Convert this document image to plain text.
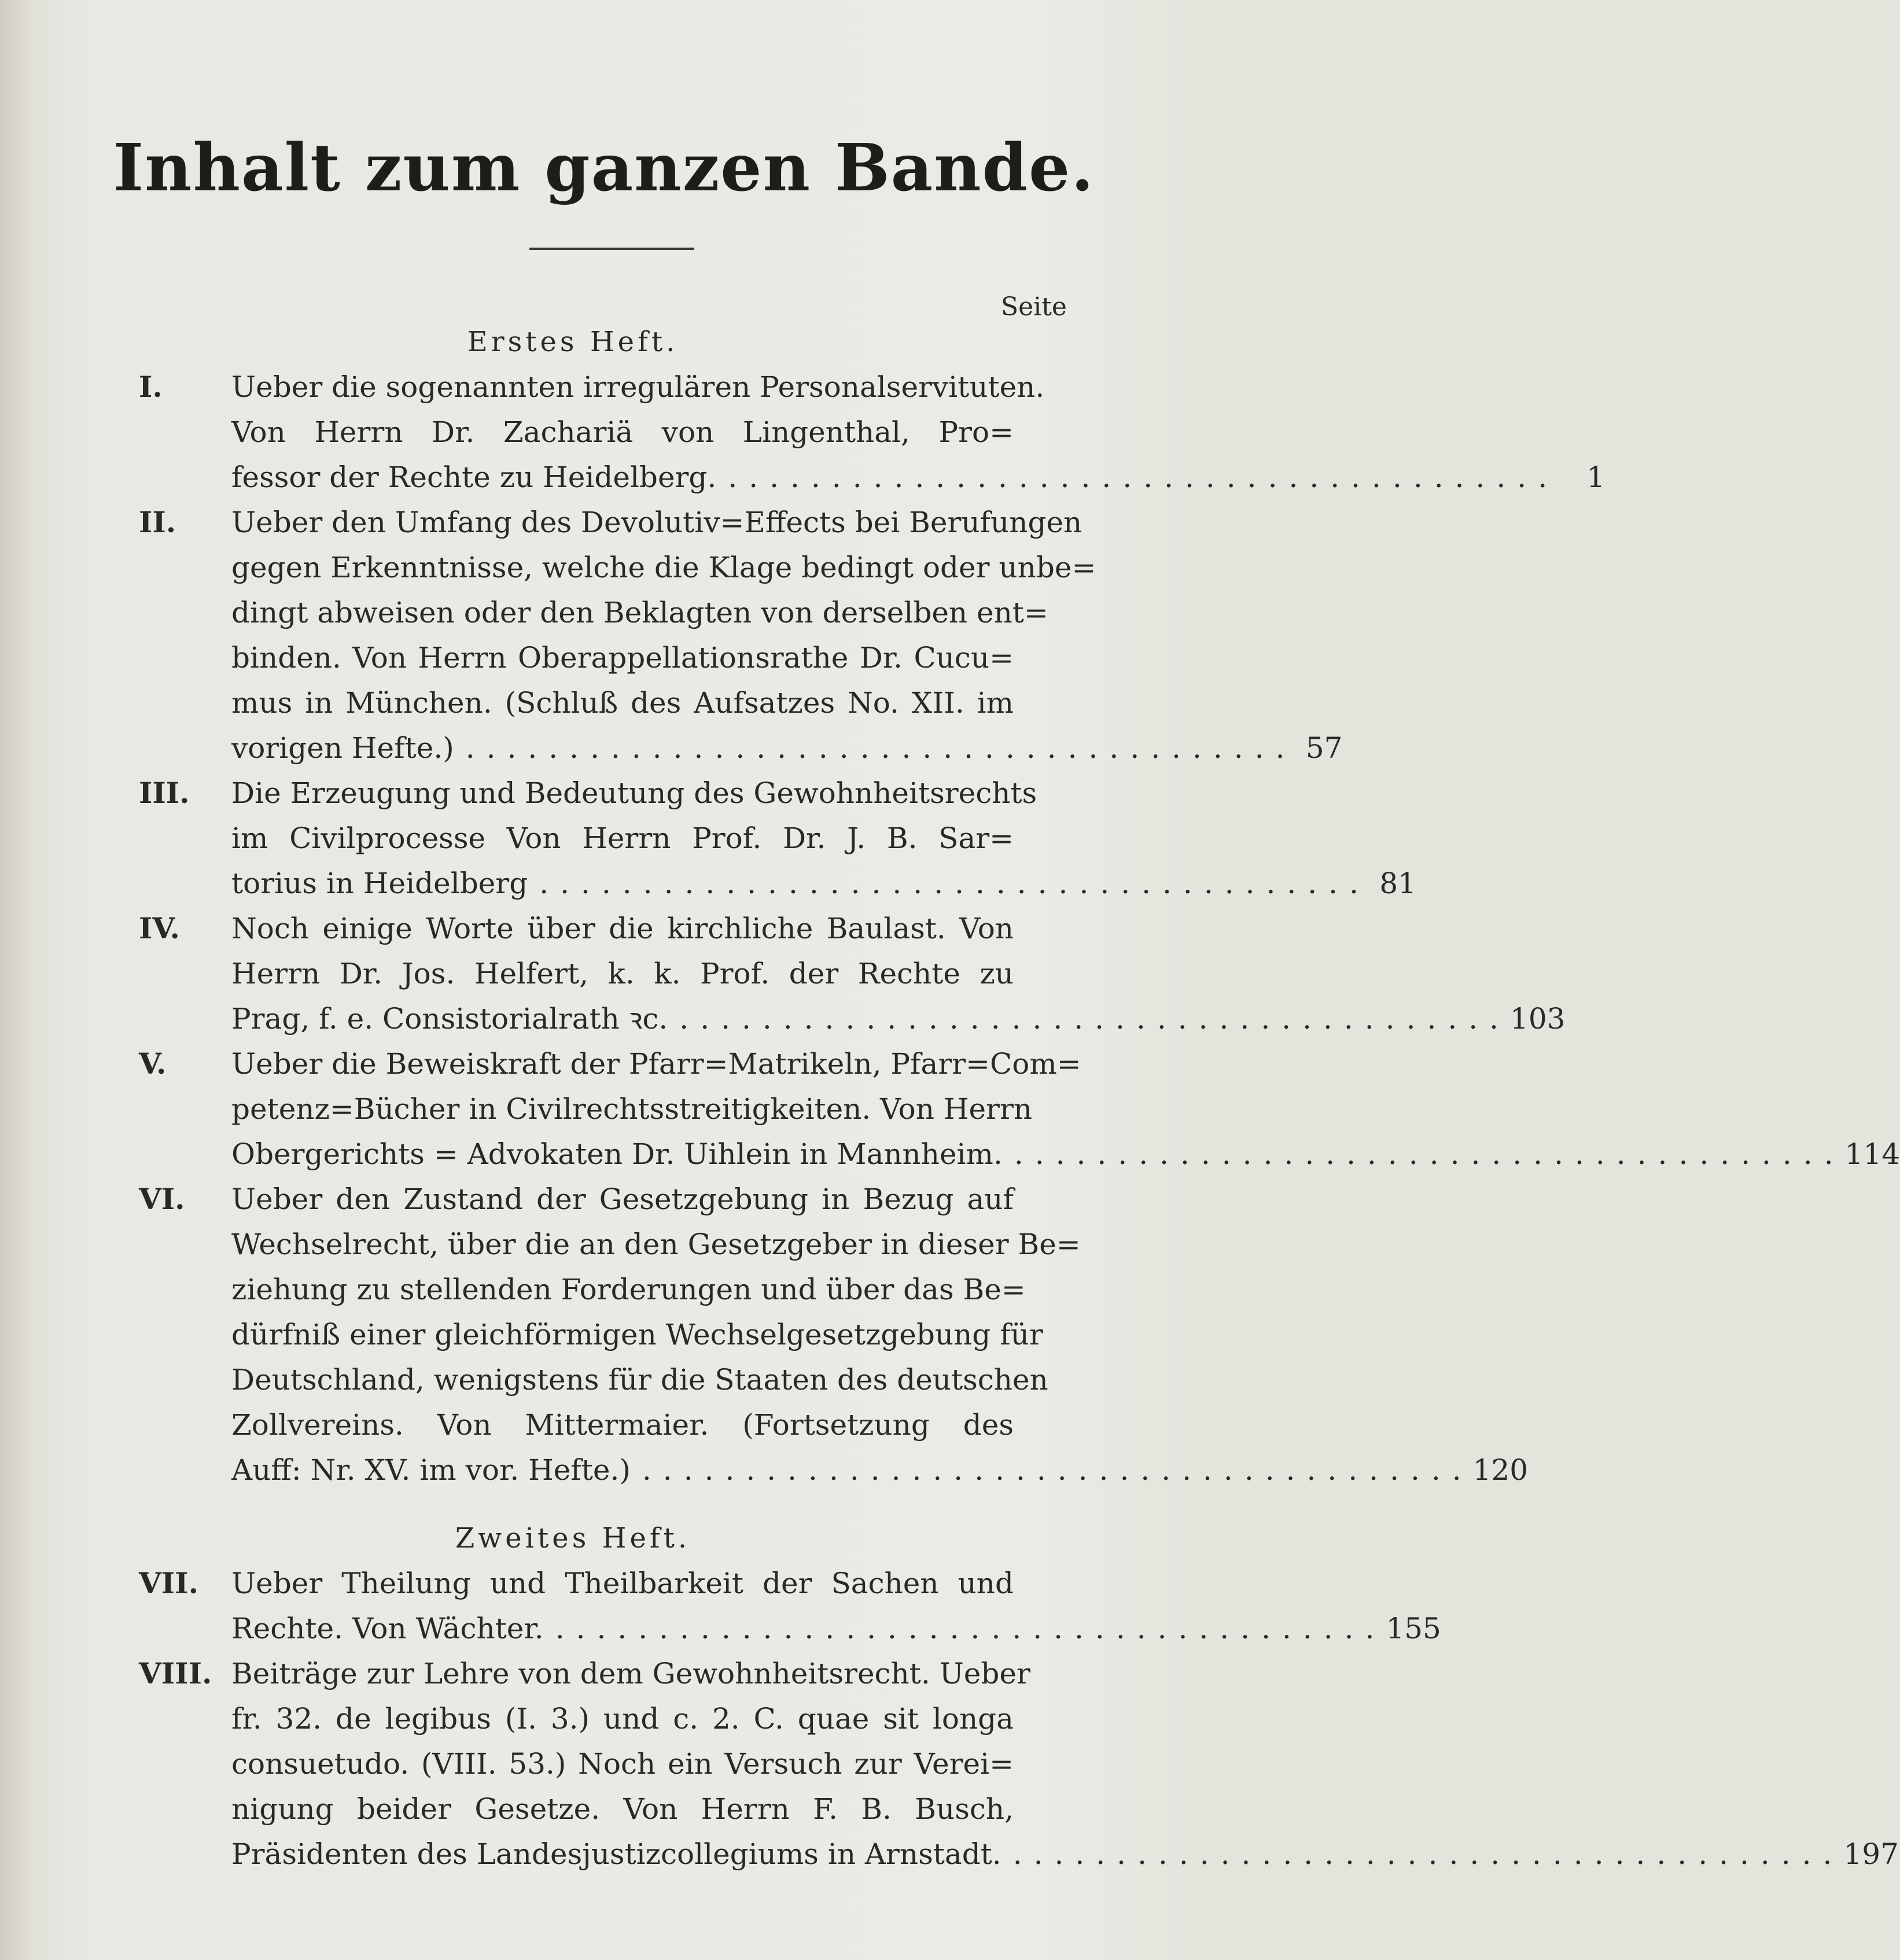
Inhalt zum ganzen Bande.
Seite
Erstes Heft.
I.	Ueber die sogenannten irregulären Personalservituten.
Von Herrn Dr. Zachariä von Lingenthal, Pro=
fessor der Rechte zu Heidelberg. ........................................ 1
II.	Ueber den Umfang des Devolutiv=Effects bei Berufungen
gegen Erkenntnisse, welche die Klage bedingt oder unbe=
dingt abweisen oder den Beklagten von derselben ent=
binden. Von Herrn Oberappellationsrathe Dr. Cucu=
mus in München. (Schluß des Aufsatzes No. XII. im
vorigen Hefte.) ........................................ 57
III.	Die Erzeugung und Bedeutung des Gewohnheitsrechts
im Civilprocesse Von Herrn Prof. Dr. J. B. Sar=
torius in Heidelberg ........................................ 81
IV.	Noch einige Worte über die kirchliche Baulast. Von
Herrn Dr. Jos. Helfert, k. k. Prof. der Rechte zu
Prag, f. e. Consistorialrath ꝛc. ........................................ 103
V.	Ueber die Beweiskraft der Pfarr=Matrikeln, Pfarr=Com=
petenz=Bücher in Civilrechtsstreitigkeiten. Von Herrn
Obergerichts = Advokaten Dr. Uihlein in Mannheim. ........................................ 114
VI.	Ueber den Zustand der Gesetzgebung in Bezug auf
Wechselrecht, über die an den Gesetzgeber in dieser Be=
ziehung zu stellenden Forderungen und über das Be=
dürfniß einer gleichförmigen Wechselgesetzgebung für
Deutschland, wenigstens für die Staaten des deutschen
Zollvereins. Von Mittermaier. (Fortsetzung des
Auff: Nr. XV. im vor. Hefte.) ........................................ 120
Zweites Heft.
VII.	Ueber Theilung und Theilbarkeit der Sachen und
Rechte. Von Wächter. ........................................ 155
VIII. Beiträge zur Lehre von dem Gewohnheitsrecht. Ueber
fr. 32. de legibus (I. 3.) und c. 2. C. quae sit longa
consuetudo. (VIII. 53.) Noch ein Versuch zur Verei=
nigung beider Gesetze. Von Herrn F. B. Busch,
Präsidenten des Landesjustizcollegiums in Arnstadt. ........................................ 197
